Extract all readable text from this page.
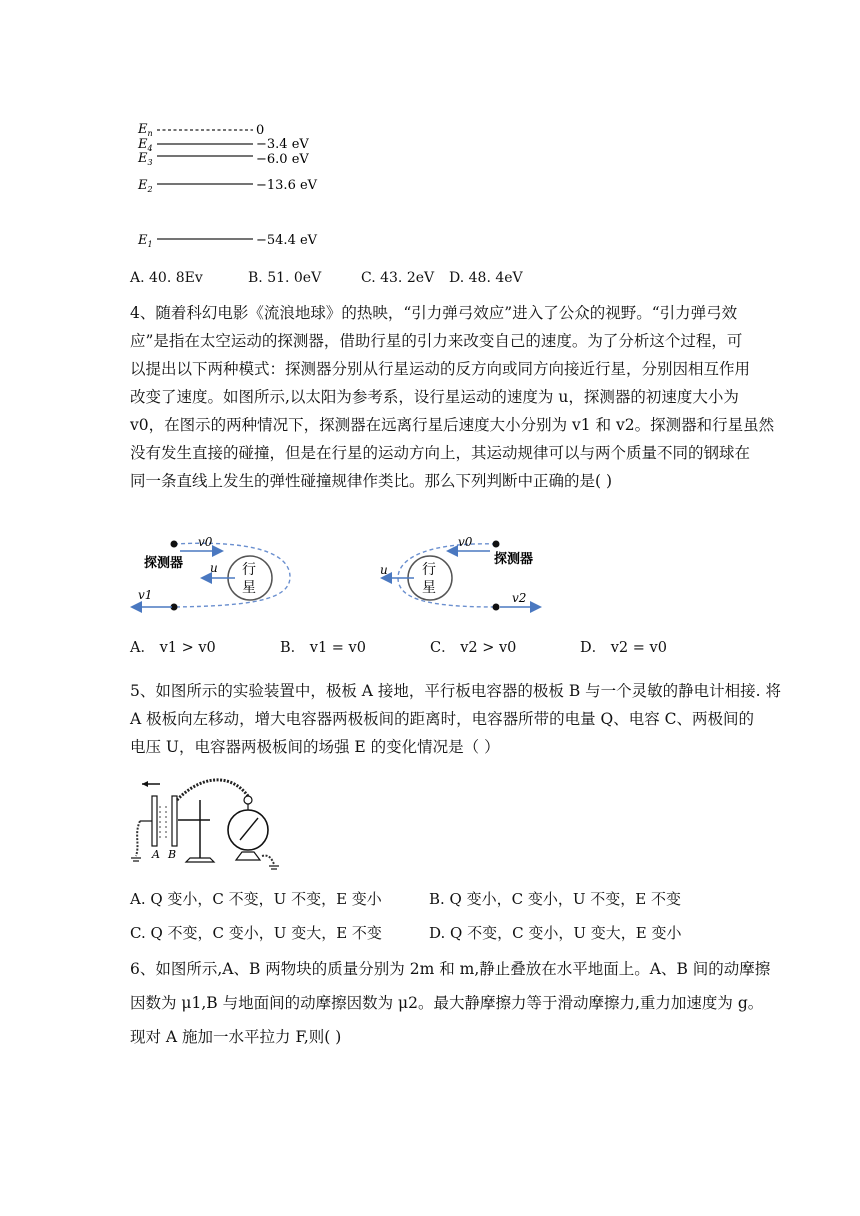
$E_n$	0
$E_4$	−3.4 eV
$E_3$	−6.0 eV
$E_2$	−13.6 eV
$E_1$	−54.4 eV
A. 40. 8Ev	B. 51. 0eV	C. 43. 2eV D. 48. 4eV
4、随着科幻电影《流浪地球》的热映，“引力弹弓效应”进入了公众的视野。“引力弹弓效
应”是指在太空运动的探测器，借助行星的引力来改变自己的速度。为了分析这个过程，可
以提出以下两种模式：探测器分别从行星运动的反方向或同方向接近行星，分别因相互作用
改变了速度。如图所示,以太阳为参考系，设行星运动的速度为 u，探测器的初速度大小为
v0，在图示的两种情况下，探测器在远离行星后速度大小分别为 v1 和 v2。探测器和行星虽然
没有发生直接的碰撞，但是在行星的运动方向上，其运动规律可以与两个质量不同的钢球在
同一条直线上发生的弹性碰撞规律作类比。那么下列判断中正确的是( )
v0
探测器	行
星
u
v1
v0
探测器
行
星
u
v2
A． v1 > v0	B． v1 = v0	C． v2 > v0	D． v2 = v0
5、如图所示的实验装置中，极板 A 接地，平行板电容器的极板 B 与一个灵敏的静电计相接. 将
A 极板向左移动，增大电容器两极板间的距离时，电容器所带的电量 Q、电容 C、两极间的
电压 U，电容器两极板间的场强 E 的变化情况是（ ）
A B
A. Q 变小，C 不变，U 不变，E 变小	B. Q 变小，C 变小，U 不变，E 不变
C. Q 不变，C 变小，U 变大，E 不变	D. Q 不变，C 变小，U 变大，E 变小
6、如图所示,A、B 两物块的质量分别为 2m 和 m,静止叠放在水平地面上。A、B 间的动摩擦
因数为 μ1,B 与地面间的动摩擦因数为 μ2。最大静摩擦力等于滑动摩擦力,重力加速度为 g。
现对 A 施加一水平拉力 F,则( )
